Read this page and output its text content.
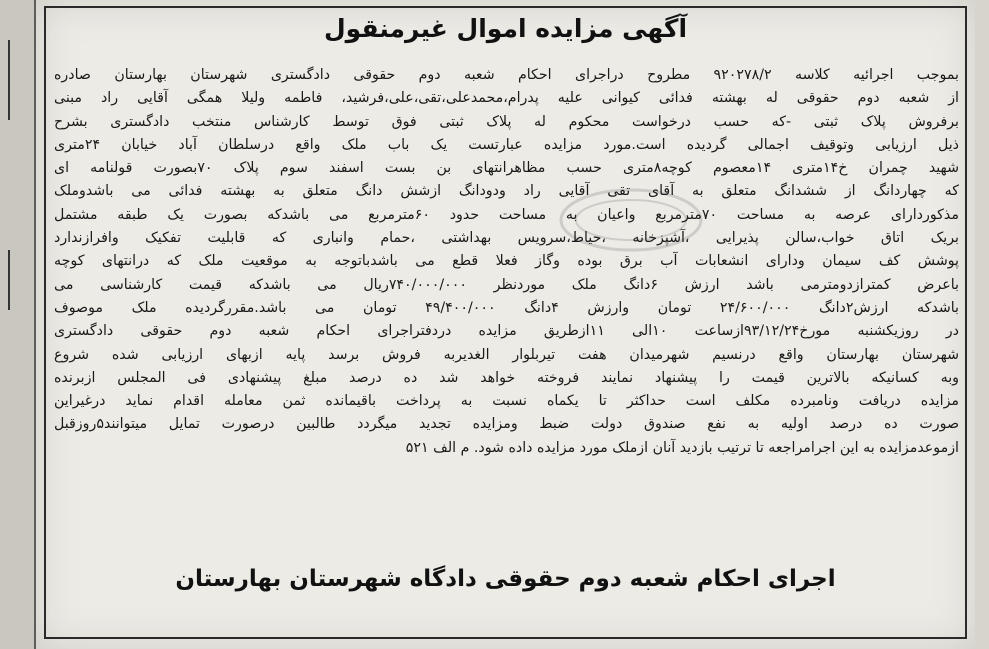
آگهی مزایده اموال غیرمنقول
بموجب اجرائیه کلاسه ۹۲۰۲۷۸/۲ مطروح دراجرای احکام شعبه دوم حقوقی دادگستری شهرستان بهارستان صادره
از شعبه دوم حقوقی له بهشته فدائی کیوانی علیه پدرام،محمدعلی،تقی،علی،فرشید، فاطمه ولیلا همگی آقایی راد مبنی
برفروش پلاک ثبتی -که حسب درخواست محکوم له پلاک ثبتی فوق توسط کارشناس منتخب دادگستری بشرح
ذیل ارزیابی وتوقیف اجمالی گردیده است.مورد مزایده عبارتست یک باب ملک واقع درسلطان آباد خیابان ۲۴متری
شهید چمران خ۱۴متری ۱۴معصوم کوچه۸متری حسب مظاهرانتهای بن بست اسفند سوم پلاک ۷۰بصورت قولنامه ای
که چهاردانگ از ششدانگ متعلق به آقای تقی آقایی راد ودودانگ ازشش دانگ متعلق به بهشته فدائی می باشدوملک
مذکوردارای عرصه به مساحت ۷۰مترمربع واعیان به مساحت حدود ۶۰مترمربع می باشدکه بصورت یک طبقه مشتمل
بریک اتاق خواب،سالن پذیرایی ،آشپزخانه ،حیاط،سرویس بهداشتی ،حمام وانباری که قابلیت تفکیک وافرازندارد
پوشش کف سیمان ودارای انشعابات آب برق بوده وگاز فعلا قطع می باشدباتوجه به موقعیت ملک که درانتهای کوچه
باعرض کمترازدومترمی باشد ارزش ۶دانگ ملک موردنظر ۷۴۰/۰۰۰/۰۰۰ریال می باشدکه قیمت کارشناسی می
باشدکه ارزش۲دانگ ۲۴/۶۰۰/۰۰۰ تومان وارزش ۴دانگ ۴۹/۴۰۰/۰۰۰ تومان می باشد.مقررگردیده ملک موصوف
در روزیکشنبه مورخ۹۳/۱۲/۲۴ازساعت ۱۰الی ۱۱ازطریق مزایده دردفتراجرای احکام شعبه دوم حقوقی دادگستری
شهرستان بهارستان واقع درنسیم شهرمیدان هفت تیربلوار الغدیربه فروش برسد پایه ازبهای ارزیابی شده شروع
وبه کسانیکه بالاترین قیمت را پیشنهاد نمایند فروخته خواهد شد ده درصد مبلغ پیشنهادی فی المجلس ازبرنده
مزایده دریافت ونامبرده مکلف است حداکثر تا یکماه نسبت به پرداخت باقیمانده ثمن معامله اقدام نماید درغیراین
صورت ده درصد اولیه به نفع صندوق دولت ضبط ومزایده تجدید میگردد طالبین درصورت تمایل میتوانند۵روزقبل
ازموعدمزایده به این اجرامراجعه تا ترتیب بازدید آنان ازملک مورد مزایده داده شود. م الف ۵۲۱
اجرای احکام شعبه دوم حقوقی دادگاه شهرستان بهارستان
